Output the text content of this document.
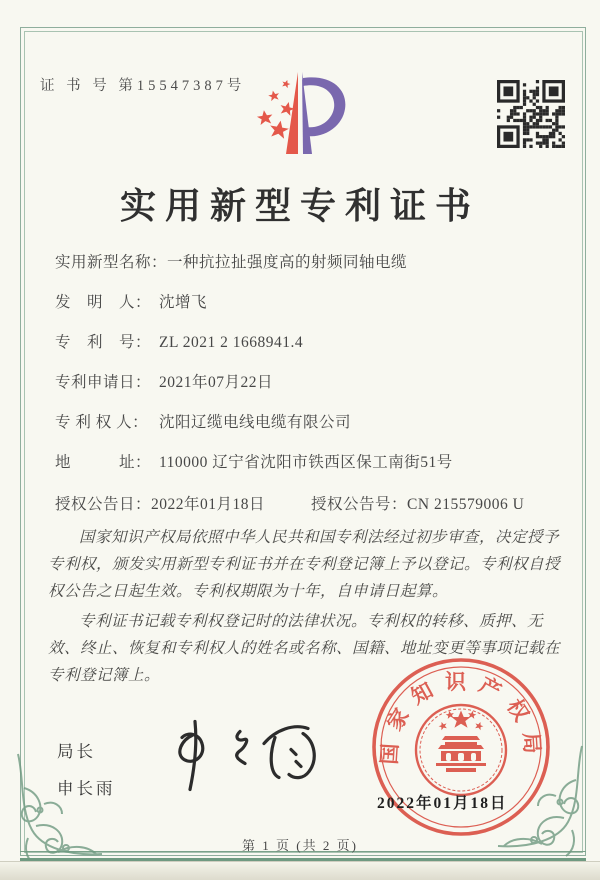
证 书 号 第15547387号
实用新型专利证书
实用新型名称：一种抗拉扯强度高的射频同轴电缆
发　明　人： 沈增飞
专　利　号： ZL 2021 2 1668941.4
专利申请日： 2021年07月22日
专 利 权 人： 沈阳辽缆电线电缆有限公司
地　　　址： 110000 辽宁省沈阳市铁西区保工南街51号
授权公告日：2022年01月18日	授权公告号：CN 215579006 U

国家知识产权局依照中华人民共和国专利法经过初步审查，决定授予专利权，颁发实用新型专利证书并在专利登记簿上予以登记。专利权自授权公告之日起生效。专利权期限为十年，自申请日起算。

专利证书记载专利权登记时的法律状况。专利权的转移、质押、无效、终止、恢复和专利权人的姓名或名称、国籍、地址变更等事项记载在专利登记簿上。

局长
申长雨
国家知识产权局
2022年01月18日
第 1 页 (共 2 页)
